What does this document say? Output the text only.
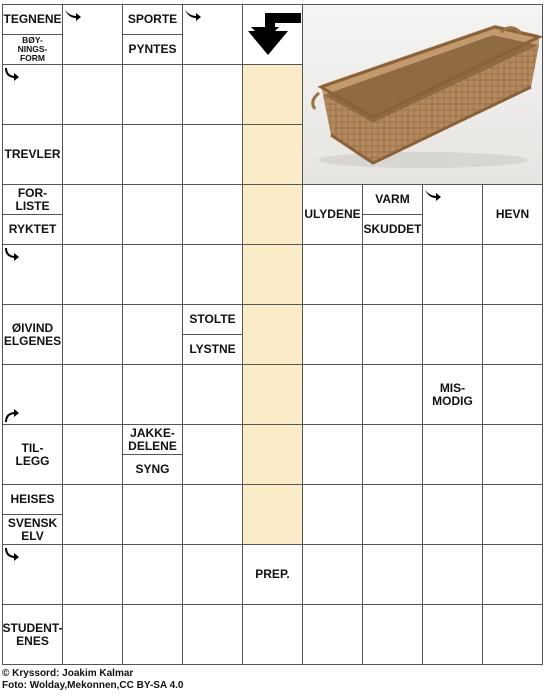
TEGNENE
BØY-
NINGS-
FORM
SPORTE
PYNTES
TREVLER
FOR-
LISTE
RYKTET
ULYDENE
VARM
SKUDDET
HEVN
STOLTE
LYSTNE
ØIVIND
ELGENES
MIS-
MODIG
TIL-
LEGG
JAKKE-
DELENE
SYNG
HEISES
SVENSK
ELV
PREP.
STUDENT-
ENES
© Kryssord: Joakim Kalmar
Foto: Wolday,Mekonnen,CC BY-SA 4.0
